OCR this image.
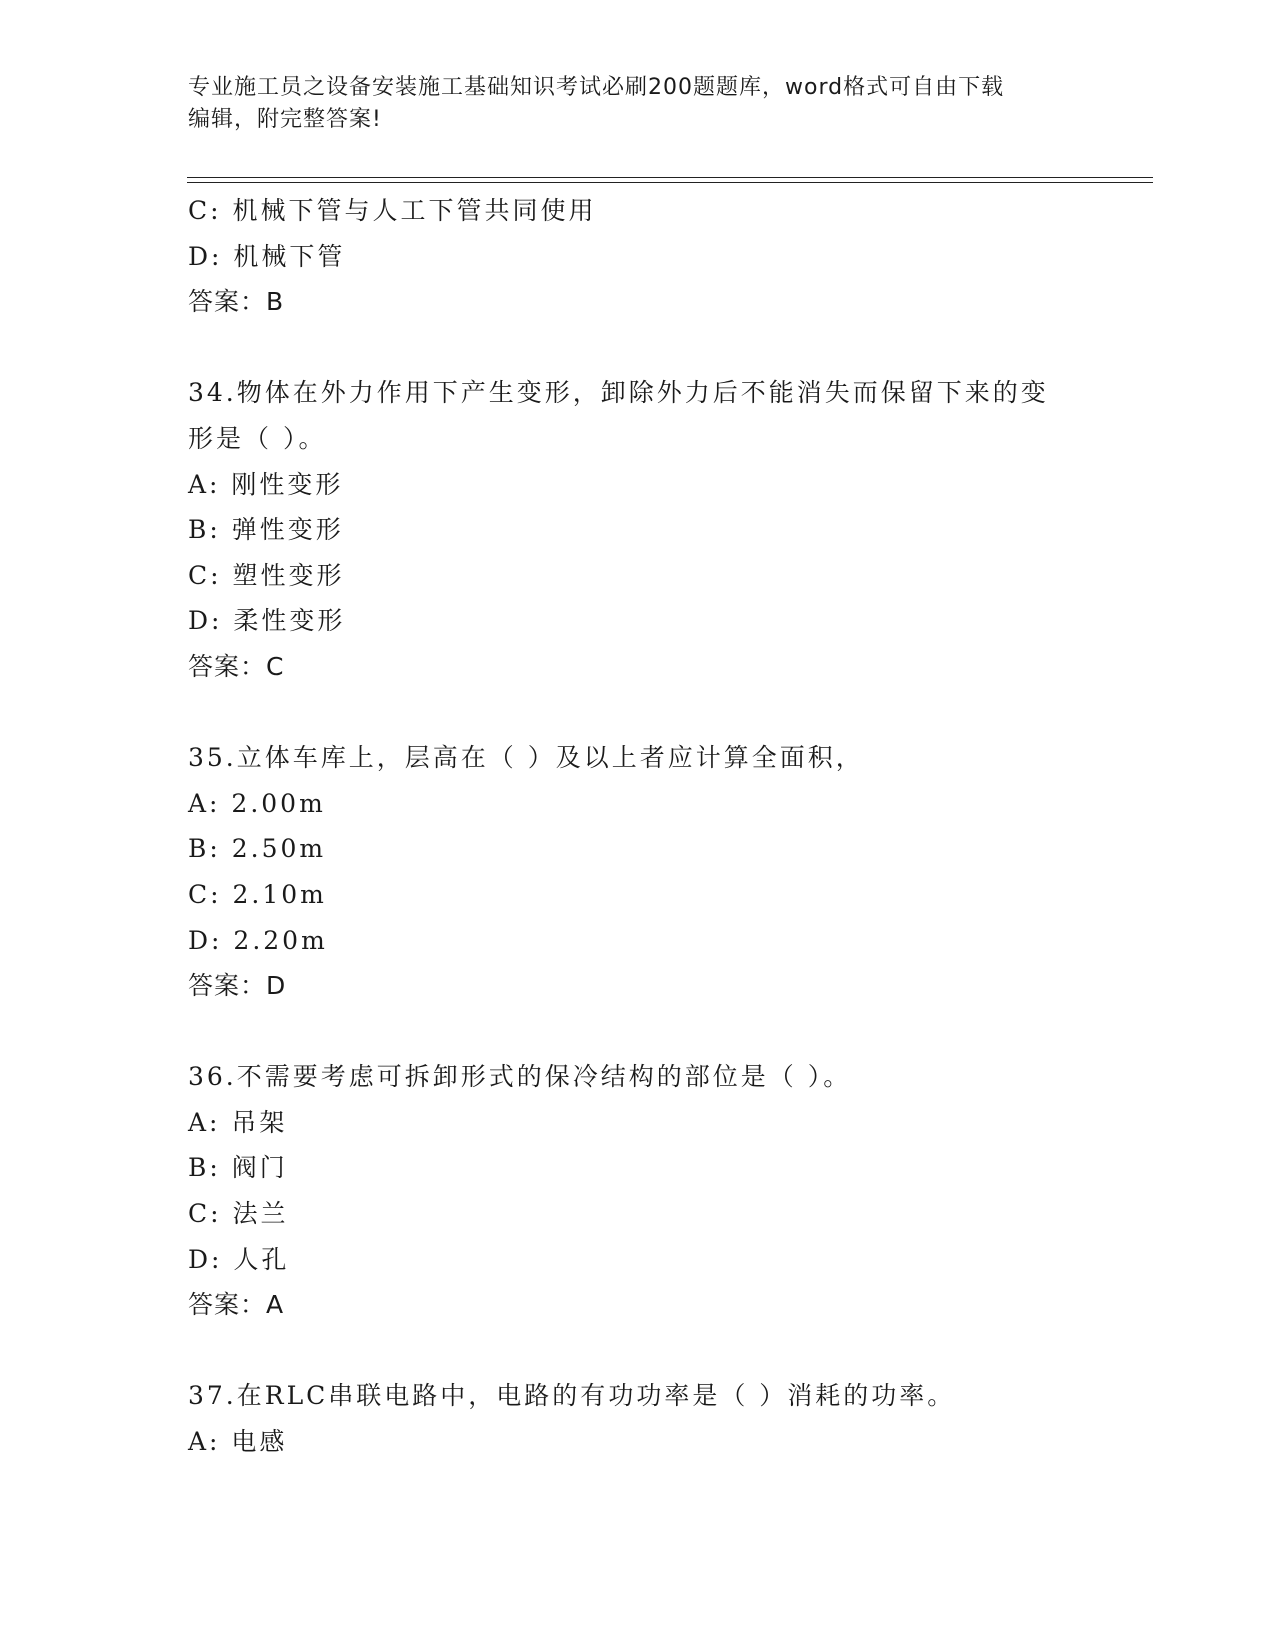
专业施工员之设备安装施工基础知识考试必刷200题题库，word格式可自由下载
编辑，附完整答案!
C: 机械下管与人工下管共同使用
D: 机械下管
答案：B
34.物体在外力作用下产生变形，卸除外力后不能消失而保留下来的变
形是（ ）。
A: 刚性变形
B: 弹性变形
C: 塑性变形
D: 柔性变形
答案：C
35.立体车库上，层高在（ ）及以上者应计算全面积，
A: 2.00m
B: 2.50m
C: 2.10m
D: 2.20m
答案：D
36.不需要考虑可拆卸形式的保冷结构的部位是（ ）。
A: 吊架
B: 阀门
C: 法兰
D: 人孔
答案：A
37.在RLC串联电路中，电路的有功功率是（ ）消耗的功率。
A: 电感
